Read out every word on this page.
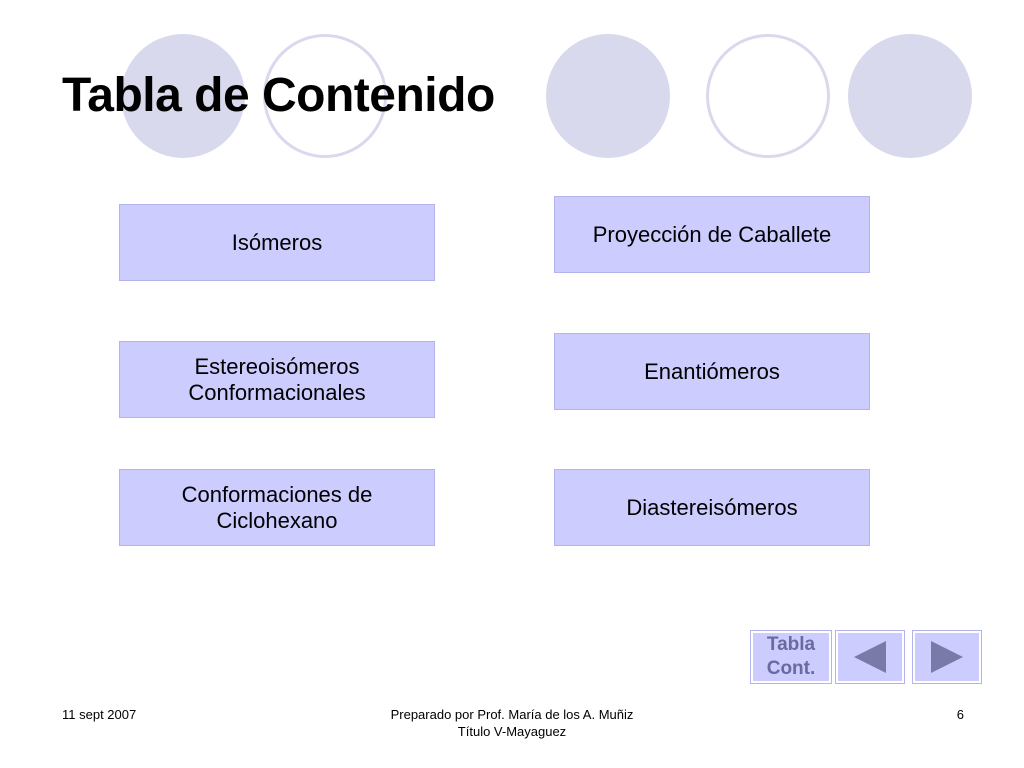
Tabla de Contenido
Isómeros	Proyección de Caballete
Estereoisómeros
Conformacionales
Enantiómeros
Conformaciones de
Ciclohexano
Diastereisómeros
Tabla
Cont.
11 sept 2007	Preparado por Prof. María de los A. Muñiz
Título V-Mayaguez
6
